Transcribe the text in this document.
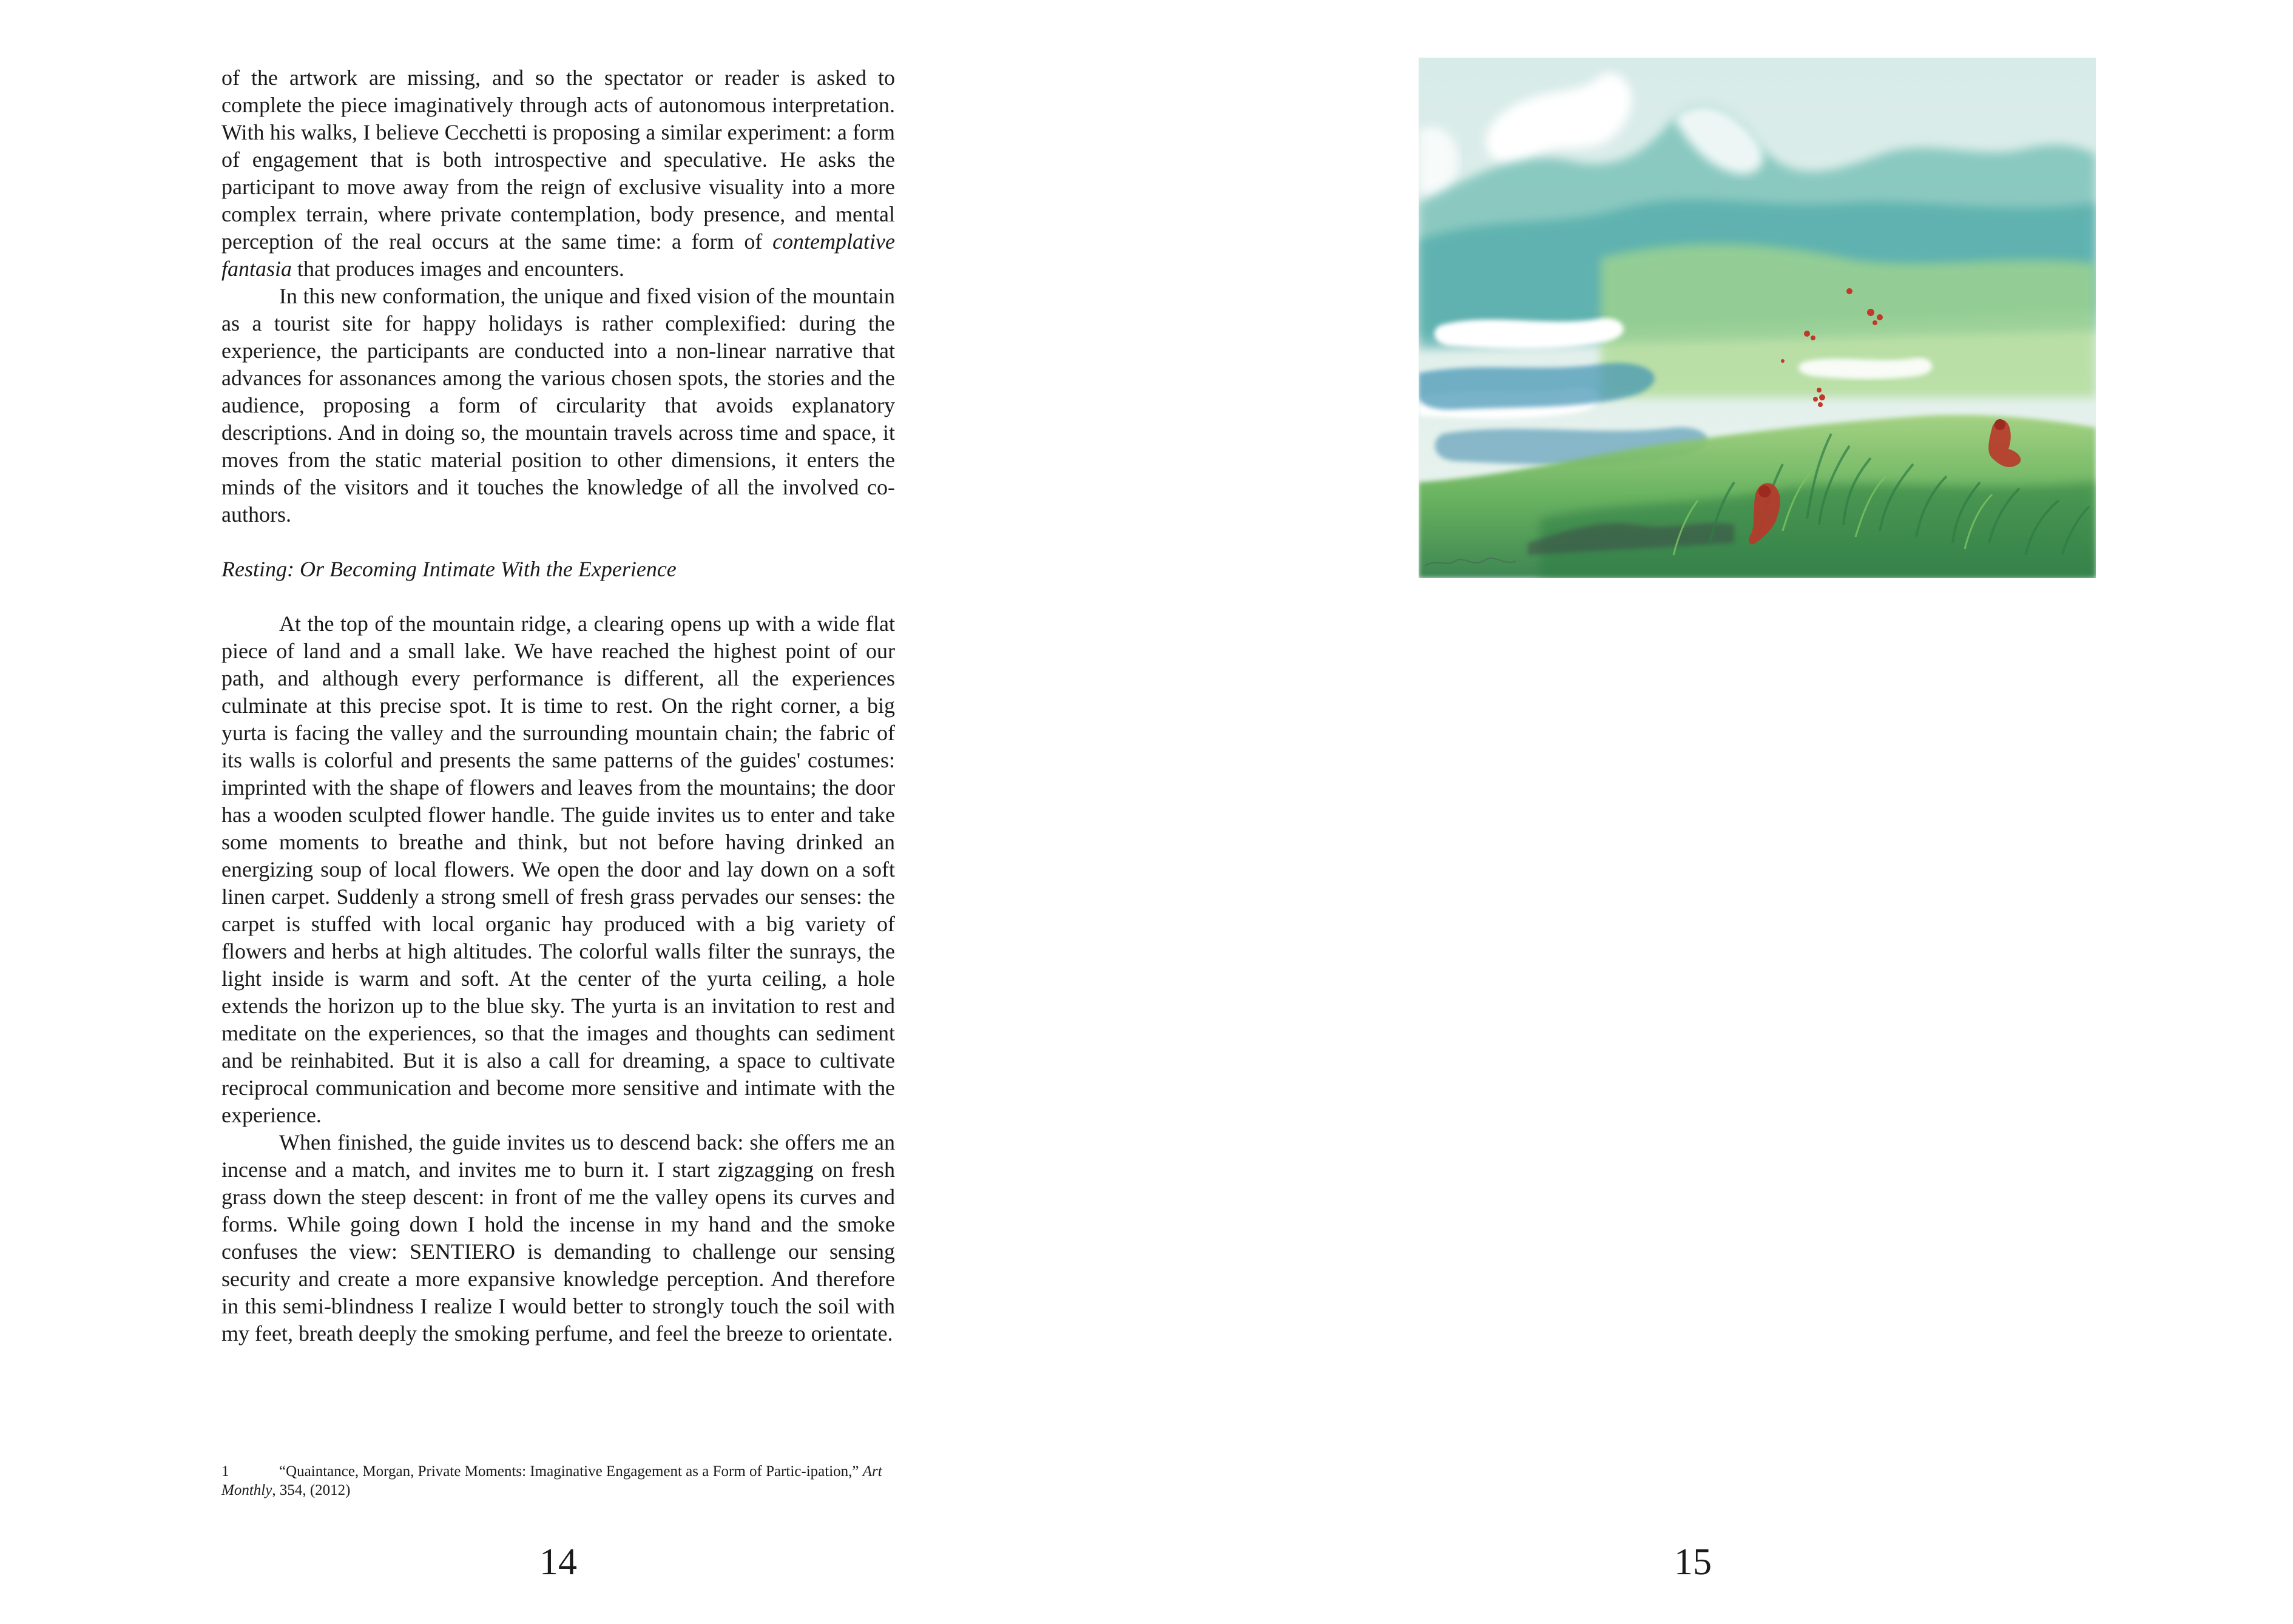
of the artwork are missing, and so the spectator or reader is asked to complete the piece imaginatively through acts of autonomous interpretation. With his walks, I believe Cecchetti is proposing a similar experiment: a form of engagement that is both introspective and speculative. He asks the participant to move away from the reign of exclusive visuality into a more complex terrain, where private contemplation, body presence, and mental perception of the real occurs at the same time: a form of contemplative fantasia that produces images and encounters.

In this new conformation, the unique and fixed vision of the mountain as a tourist site for happy holidays is rather complexified: during the experience, the participants are conducted into a non-linear narrative that advances for assonances among the various chosen spots, the stories and the audience, proposing a form of circularity that avoids explanatory descriptions. And in doing so, the mountain travels across time and space, it moves from the static material position to other dimensions, it enters the minds of the visitors and it touches the knowledge of all the involved co-authors.

Resting: Or Becoming Intimate With the Experience

At the top of the mountain ridge, a clearing opens up with a wide flat piece of land and a small lake. We have reached the highest point of our path, and although every performance is different, all the experiences culminate at this precise spot. It is time to rest. On the right corner, a big yurta is facing the valley and the surrounding mountain chain; the fabric of its walls is colorful and presents the same patterns of the guides' costumes: imprinted with the shape of flowers and leaves from the mountains; the door has a wooden sculpted flower handle. The guide invites us to enter and take some moments to breathe and think, but not before having drinked an energizing soup of local flowers. We open the door and lay down on a soft linen carpet. Suddenly a strong smell of fresh grass pervades our senses: the carpet is stuffed with local organic hay produced with a big variety of flowers and herbs at high altitudes. The colorful walls filter the sunrays, the light inside is warm and soft. At the center of the yurta ceiling, a hole extends the horizon up to the blue sky. The yurta is an invitation to rest and meditate on the experiences, so that the images and thoughts can sediment and be reinhabited. But it is also a call for dreaming, a space to cultivate reciprocal communication and become more sensitive and intimate with the experience.

When finished, the guide invites us to descend back: she offers me an incense and a match, and invites me to burn it. I start zigzagging on fresh grass down the steep descent: in front of me the valley opens its curves and forms. While going down I hold the incense in my hand and the smoke confuses the view: SENTIERO is demanding to challenge our sensing security and create a more expansive knowledge perception. And therefore in this semi-blindness I realize I would better to strongly touch the soil with my feet, breath deeply the smoking perfume, and feel the breeze to orientate.

1	“Quaintance, Morgan, Private Moments: Imaginative Engagement as a Form of Partic-ipation,” Art Monthly, 354, (2012)
14	15
